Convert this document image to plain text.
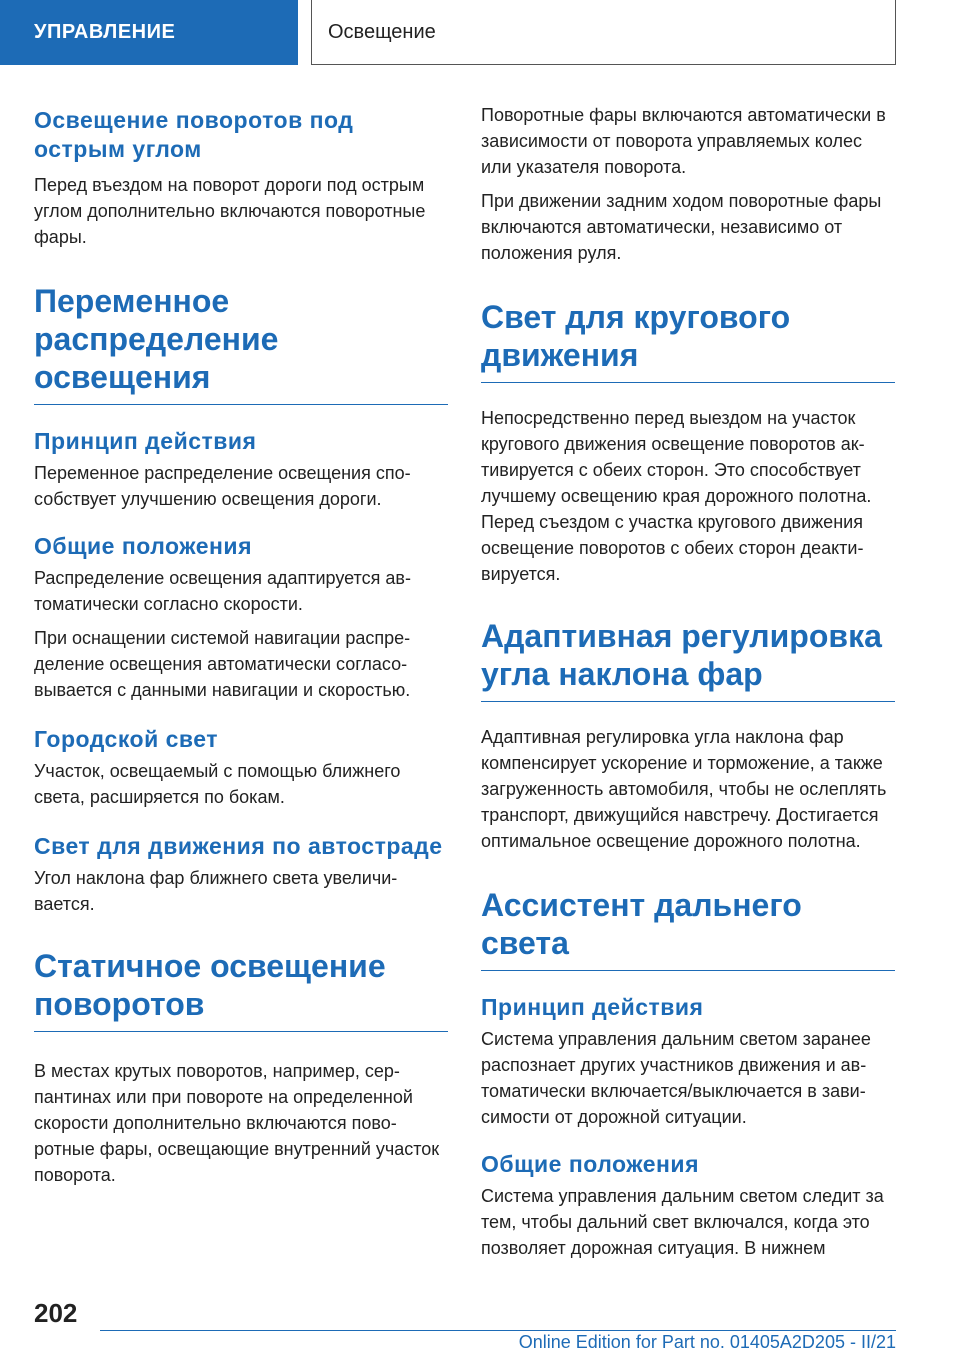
УПРАВЛЕНИЕ	Освещение
Освещение поворотов под острым углом

Перед въездом на поворот дороги под острым углом дополнительно включаются поворотные фары.

Переменное распределение освещения
Принцип действия

Переменное распределение освещения способствует улучшению освещения дороги.

Общие положения

Распределение освещения адаптируется автоматически согласно скорости.

При оснащении системой навигации распределение освещения автоматически согласовывается с данными навигации и скоростью.

Городской свет

Участок, освещаемый с помощью ближнего света, расширяется по бокам.

Свет для движения по автостраде

Угол наклона фар ближнего света увеличивается.

Статичное освещение поворотов

В местах крутых поворотов, например, серпантинах или при повороте на определенной скорости дополнительно включаются поворотные фары, освещающие внутренний участок поворота.

Поворотные фары включаются автоматически в зависимости от поворота управляемых колес или указателя поворота.

При движении задним ходом поворотные фары включаются автоматически, независимо от положения руля.

Свет для кругового движения

Непосредственно перед выездом на участок кругового движения освещение поворотов активируется с обеих сторон. Это способствует лучшему освещению края дорожного полотна. Перед съездом с участка кругового движения освещение поворотов с обеих сторон деактивируется.

Адаптивная регулировка угла наклона фар

Адаптивная регулировка угла наклона фар компенсирует ускорение и торможение, а также загруженность автомобиля, чтобы не ослеплять транспорт, движущийся навстречу. Достигается оптимальное освещение дорожного полотна.

Ассистент дальнего света
Принцип действия

Система управления дальним светом заранее распознает других участников движения и автоматически включается/выключается в зависимости от дорожной ситуации.

Общие положения

Система управления дальним светом следит за тем, чтобы дальний свет включался, когда это позволяет дорожная ситуация. В нижнем

202
Online Edition for Part no. 01405A2D205 - II/21
